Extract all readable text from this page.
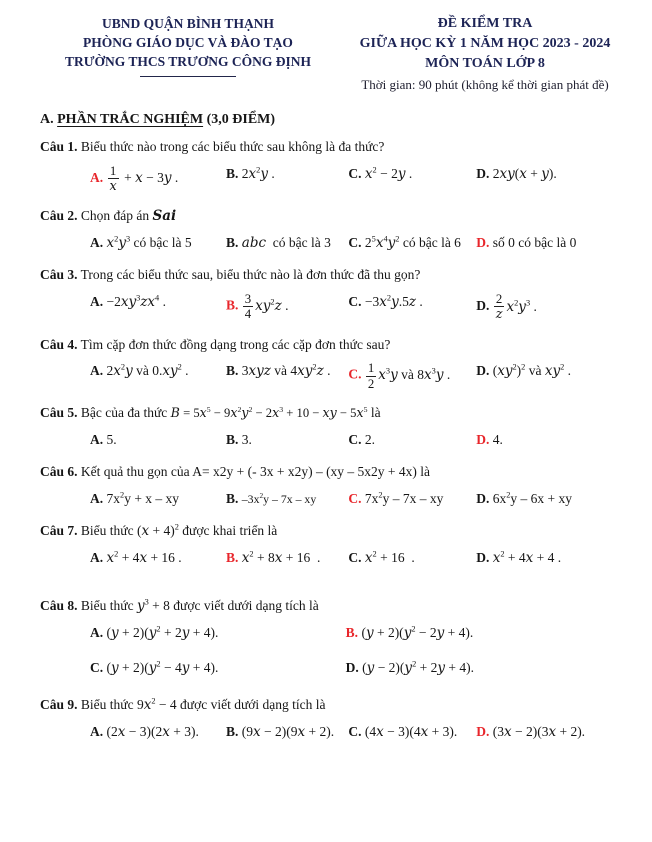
UBND QUẬN BÌNH THẠNH
PHÒNG GIÁO DỤC VÀ ĐÀO TẠO
TRƯỜNG THCS TRƯƠNG CÔNG ĐỊNH
ĐỀ KIỂM TRA
GIỮA HỌC KỲ 1 NĂM HỌC 2023 - 2024
MÔN TOÁN LỚP 8
Thời gian: 90 phút (không kể thời gian phát đề)
A. PHẦN TRẮC NGHIỆM (3,0 ĐIỂM)
Câu 1. Biểu thức nào trong các biểu thức sau không là đa thức?
A. $\frac{1}{x} + x - 3y$ .	B. $2x^2y$ .	C. $x^2 - 2y$ .	D. 2xy(x + y).
Câu 2. Chọn đáp án Sai
A. $x^2y^3$ có bậc là 5	B. abc  có bậc là 3	C. $2^5x^4y^2$ có bậc là 6	D. số 0 có bậc là 0
Câu 3. Trong các biểu thức sau, biểu thức nào là đơn thức đã thu gọn?
A. $-2xy^3zx^4$ .	B. $\frac{3}{4} xy^2z$ .	C. $-3x^2y.5z$ .	D. $\frac{2}{z} x^2y^3$ .
Câu 4. Tìm cặp đơn thức đồng dạng trong các cặp đơn thức sau?
A. $2x^2y$ và $0.xy^2$ .	B. 3xyz và $4xy^2z$ .	C. $\frac{1}{2} x^3y$ và $8x^3y$ .	D. $(xy^2)^2$ và $xy^2$ .
Câu 5. Bậc của đa thức $B = 5x^5 - 9x^2y^2 - 2x^3 + 10$ − xy − $5x^5$ là
A. 5.	B. 3.	C. 2.	D. 4.
Câu 6. Kết quả thu gọn của A= x2y + (- 3x + x2y) – (xy – 5x2y + 4x) là
A. $7x^2y + x$ – xy	B. $-3x^2y - 7x$ – xy	C. $7x^2y - 7x$ – xy	D. $6x^2y - 6x$ + xy
Câu 7. Biểu thức $(x + 4)^2$ được khai triển là
A. $x^2 + 4x + 16$ .	B. $x^2 + 8x + 16$  .	C. $x^2 + 16$  .	D. $x^2 + 4x + 4$ .
Câu 8. Biểu thức $y^3 + 8$ được viết dưới dạng tích là
A. $(y + 2)(y^2 + 2y + 4)$.	B. $(y + 2)(y^2 - 2y + 4)$.
C. $(y + 2)(y^2 - 4y + 4)$.	D. $(y - 2)(y^2 + 2y + 4)$.
Câu 9. Biểu thức $9x^2 - 4$ được viết dưới dạng tích là
A. (2x − 3)(2x + 3).	B. (9x − 2)(9x + 2).	C. (4x − 3)(4x + 3).	D. (3x − 2)(3x + 2).
